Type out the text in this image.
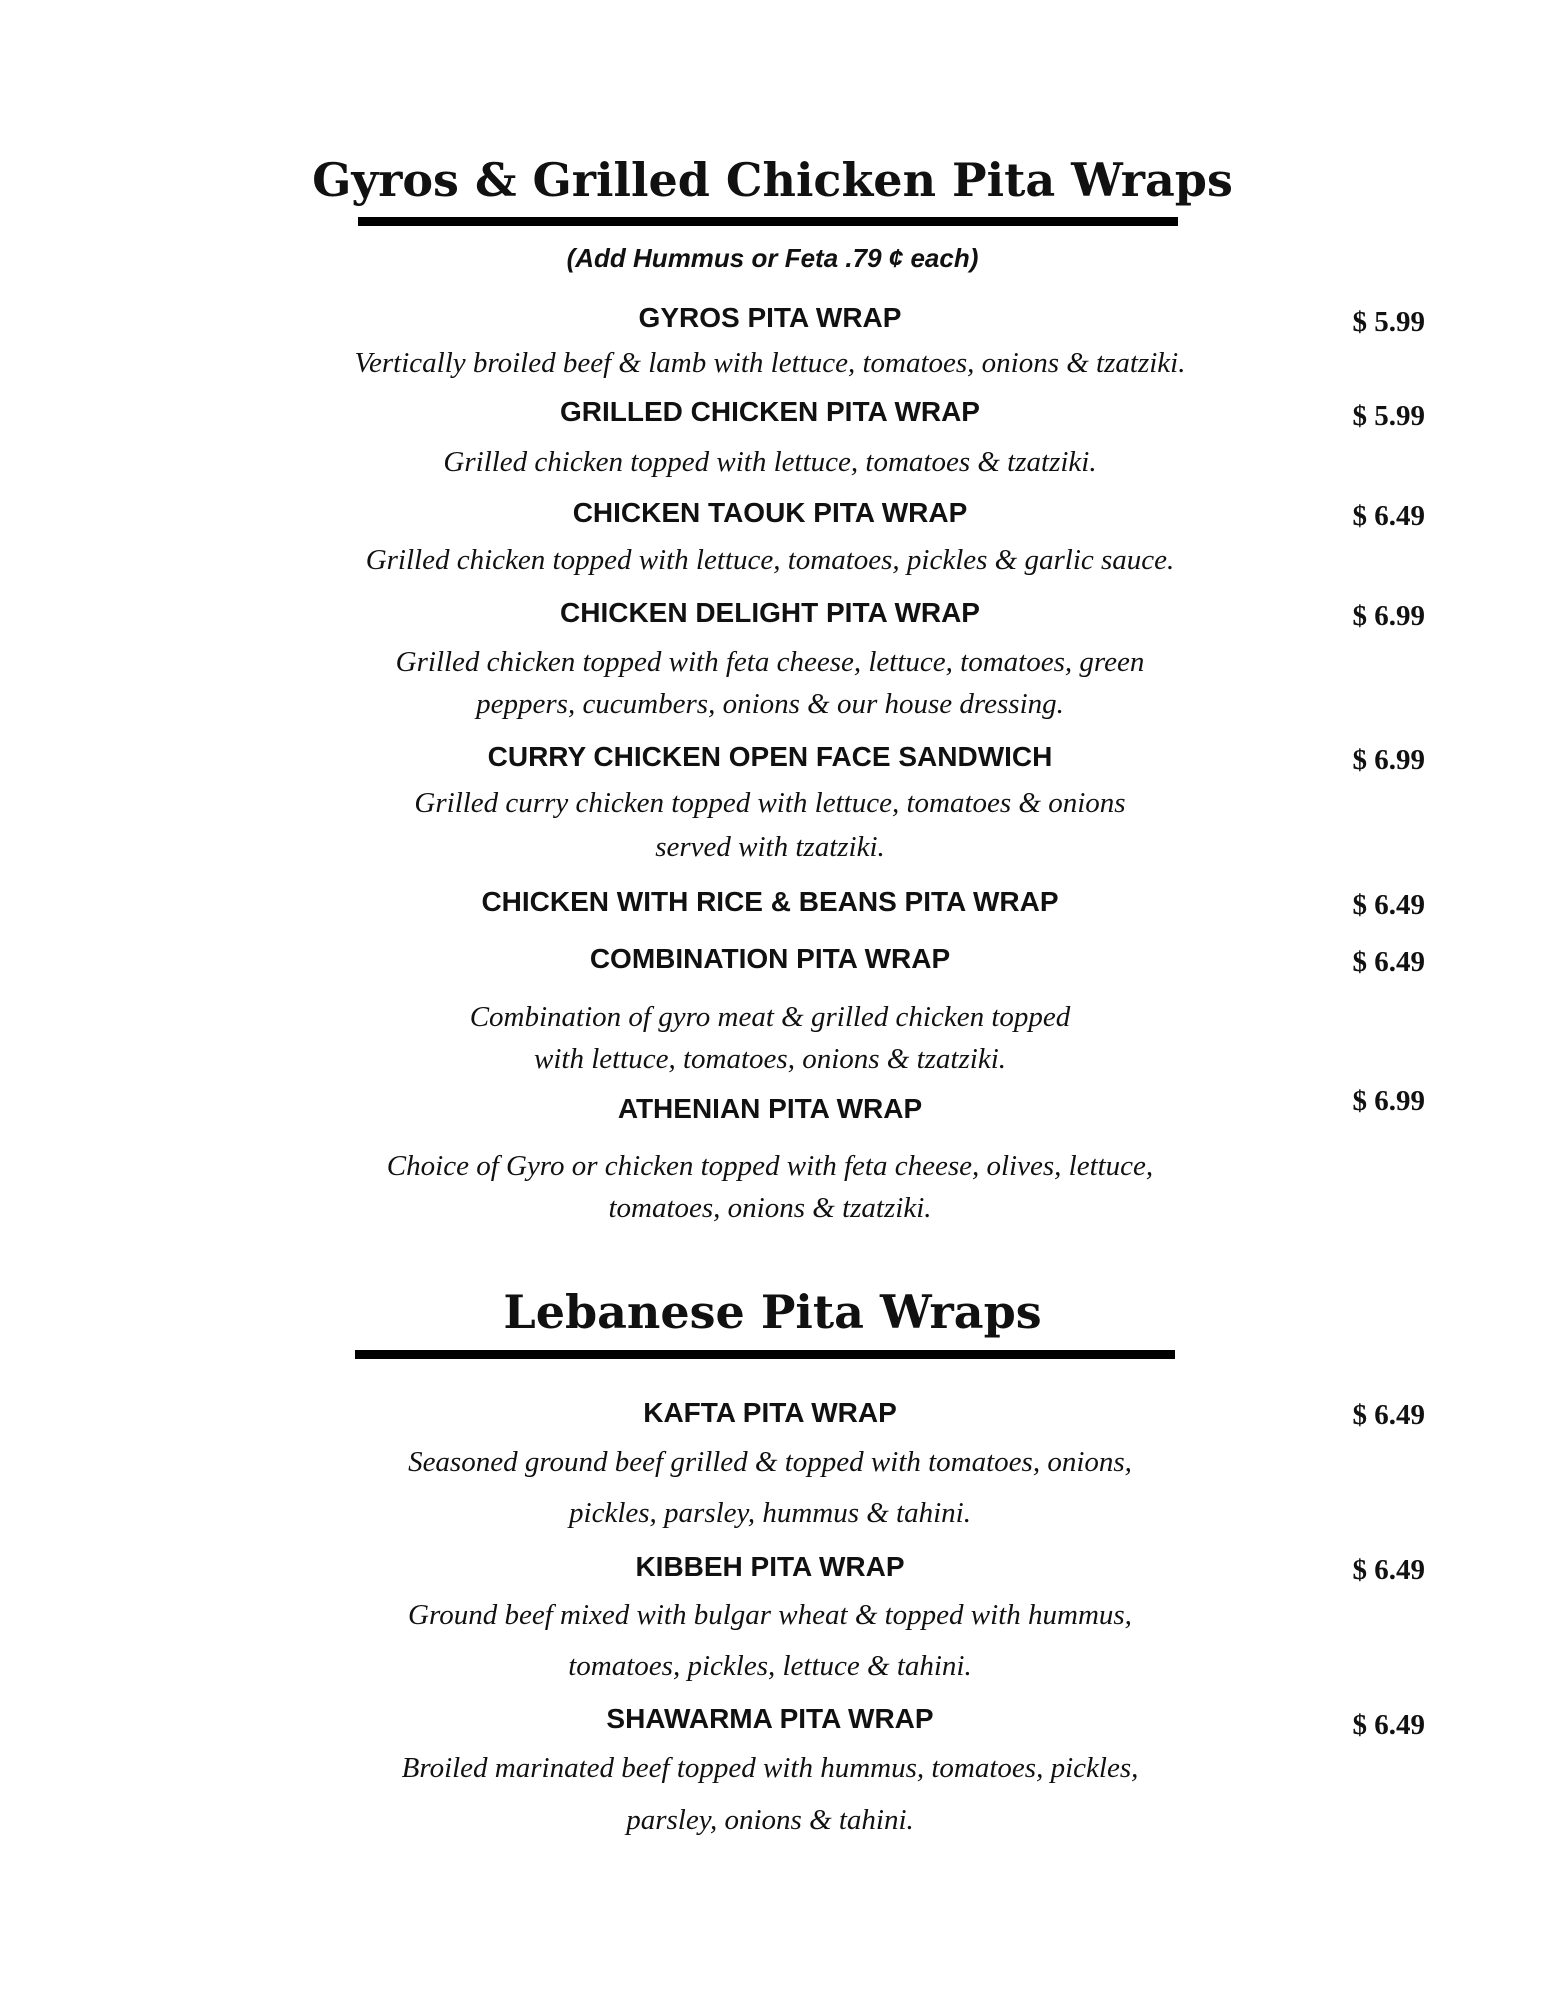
Gyros & Grilled Chicken Pita Wraps
(Add Hummus or Feta .79 ¢ each)
GYROS PITA WRAP	$ 5.99
Vertically broiled beef & lamb with lettuce, tomatoes, onions & tzatziki.
GRILLED CHICKEN PITA WRAP	$ 5.99
Grilled chicken topped with lettuce, tomatoes & tzatziki.
CHICKEN TAOUK PITA WRAP	$ 6.49
Grilled chicken topped with lettuce, tomatoes, pickles & garlic sauce.
CHICKEN DELIGHT PITA WRAP	$ 6.99
Grilled chicken topped with feta cheese, lettuce, tomatoes, green
peppers, cucumbers, onions & our house dressing.
CURRY CHICKEN OPEN FACE SANDWICH	$ 6.99
Grilled curry chicken topped with lettuce, tomatoes & onions
served with tzatziki.
CHICKEN WITH RICE & BEANS PITA WRAP	$ 6.49
COMBINATION PITA WRAP	$ 6.49
Combination of gyro meat & grilled chicken topped
with lettuce, tomatoes, onions & tzatziki.
ATHENIAN PITA WRAP	$ 6.99
Choice of Gyro or chicken topped with feta cheese, olives, lettuce,
tomatoes, onions & tzatziki.
Lebanese Pita Wraps
KAFTA PITA WRAP	$ 6.49
Seasoned ground beef grilled & topped with tomatoes, onions,
pickles, parsley, hummus & tahini.
KIBBEH PITA WRAP	$ 6.49
Ground beef mixed with bulgar wheat & topped with hummus,
tomatoes, pickles, lettuce & tahini.
SHAWARMA PITA WRAP	$ 6.49
Broiled marinated beef topped with hummus, tomatoes, pickles,
parsley, onions & tahini.
